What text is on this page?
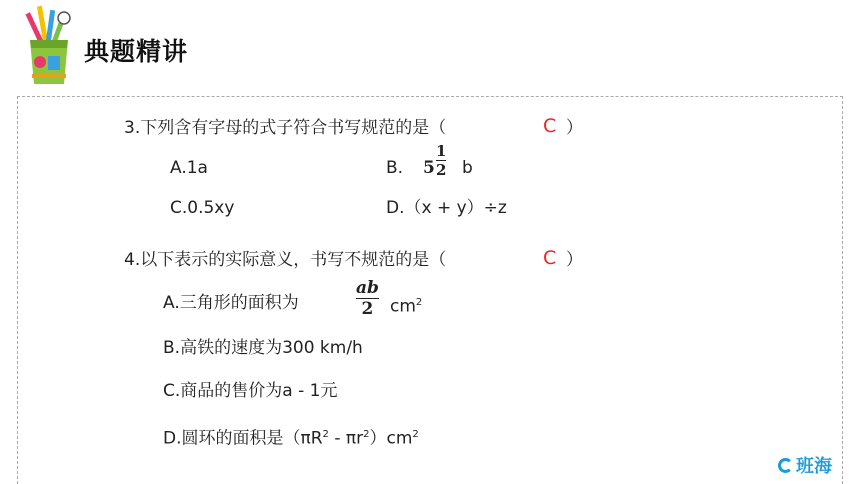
典题精讲
3.下列含有字母的式子符合书写规范的是（	C ）
A.1a	B. 5
1
2 b
C.0.5xy	D.（x + y）÷z
4.以下表示的实际意义，书写不规范的是（	C ）
A.三角形的面积为
ab
2 $cm^2$
B.高铁的速度为300 km/h
C.商品的售价为a - 1元
D.圆环的面积是$(\pi R^2 - \pi r^2)cm^2$
班海
